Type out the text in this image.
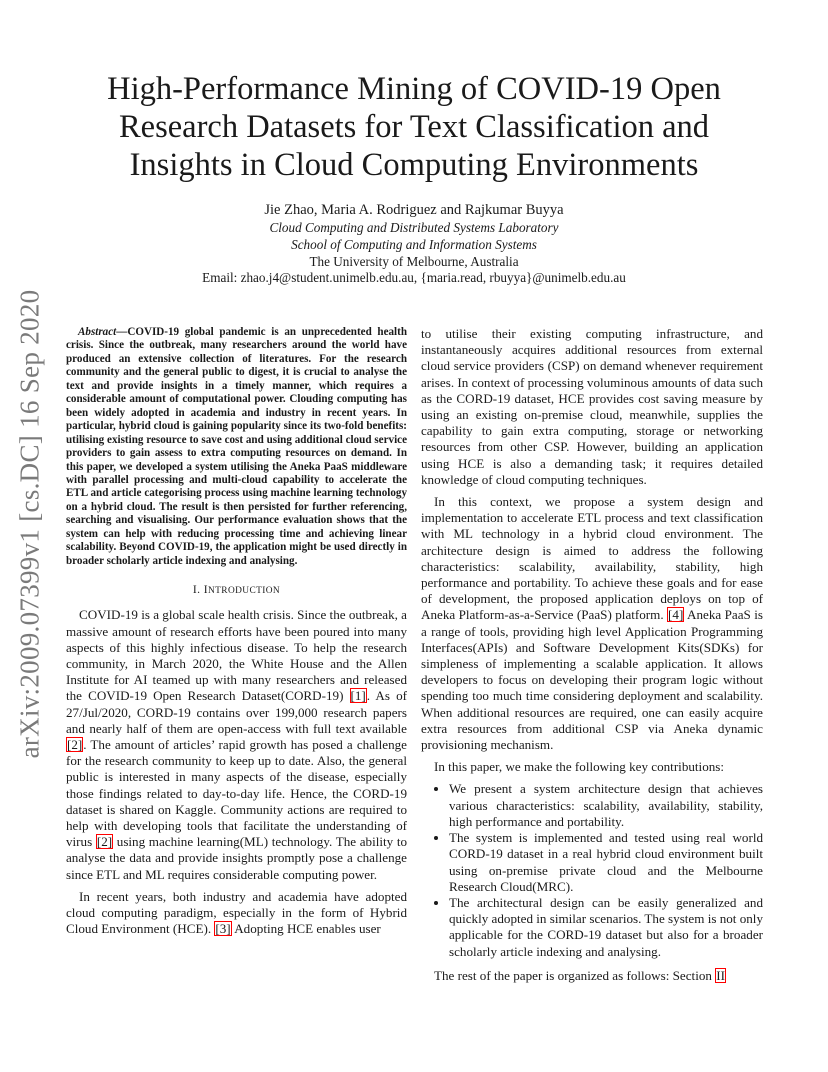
arXiv:2009.07399v1 [cs.DC] 16 Sep 2020
High-Performance Mining of COVID-19 Open
Research Datasets for Text Classification and
Insights in Cloud Computing Environments
Jie Zhao, Maria A. Rodriguez and Rajkumar Buyya
Cloud Computing and Distributed Systems Laboratory
School of Computing and Information Systems
The University of Melbourne, Australia
Email: zhao.j4@student.unimelb.edu.au, {maria.read, rbuyya}@unimelb.edu.au

Abstract—COVID-19 global pandemic is an unprecedented health crisis. Since the outbreak, many researchers around the world have produced an extensive collection of literatures. For the research community and the general public to digest, it is crucial to analyse the text and provide insights in a timely manner, which requires a considerable amount of computational power. Clouding computing has been widely adopted in academia and industry in recent years. In particular, hybrid cloud is gaining popularity since its two-fold benefits: utilising existing resource to save cost and using additional cloud service providers to gain assess to extra computing resources on demand. In this paper, we developed a system utilising the Aneka PaaS middleware with parallel processing and multi-cloud capability to accelerate the ETL and article categorising process using machine learning technology on a hybrid cloud. The result is then persisted for further referencing, searching and visualising. Our performance evaluation shows that the system can help with reducing processing time and achieving linear scalability. Beyond COVID-19, the application might be used directly in broader scholarly article indexing and analysing.

I. INTRODUCTION

COVID-19 is a global scale health crisis. Since the outbreak, a massive amount of research efforts have been poured into many aspects of this highly infectious disease. To help the research community, in March 2020, the White House and the Allen Institute for AI teamed up with many researchers and released the COVID-19 Open Research Dataset(CORD-19) [1]. As of 27/Jul/2020, CORD-19 contains over 199,000 research papers and nearly half of them are open-access with full text available [2]. The amount of articles’ rapid growth has posed a challenge for the research community to keep up to date. Also, the general public is interested in many aspects of the disease, especially those findings related to day-to-day life. Hence, the CORD-19 dataset is shared on Kaggle. Community actions are required to help with developing tools that facilitate the understanding of virus [2] using machine learning(ML) technology. The ability to analyse the data and provide insights promptly pose a challenge since ETL and ML requires considerable computing power.

In recent years, both industry and academia have adopted cloud computing paradigm, especially in the form of Hybrid Cloud Environment (HCE). [3] Adopting HCE enables user

to utilise their existing computing infrastructure, and instantaneously acquires additional resources from external cloud service providers (CSP) on demand whenever requirement arises. In context of processing voluminous amounts of data such as the CORD-19 dataset, HCE provides cost saving measure by using an existing on-premise cloud, meanwhile, supplies the capability to gain extra computing, storage or networking resources from other CSP. However, building an application using HCE is also a demanding task; it requires detailed knowledge of cloud computing techniques.

In this context, we propose a system design and implementation to accelerate ETL process and text classification with ML technology in a hybrid cloud environment. The architecture design is aimed to address the following characteristics: scalability, availability, stability, high performance and portability. To achieve these goals and for ease of development, the proposed application deploys on top of Aneka Platform-as-a-Service (PaaS) platform. [4] Aneka PaaS is a range of tools, providing high level Application Programming Interfaces(APIs) and Software Development Kits(SDKs) for simpleness of implementing a scalable application. It allows developers to focus on developing their program logic without spending too much time considering deployment and scalability. When additional resources are required, one can easily acquire extra resources from additional CSP via Aneka dynamic provisioning mechanism.

In this paper, we make the following key contributions:

• We present a system architecture design that achieves various characteristics: scalability, availability, stability, high performance and portability.
• The system is implemented and tested using real world CORD-19 dataset in a real hybrid cloud environment built using on-premise private cloud and the Melbourne Research Cloud(MRC).
• The architectural design can be easily generalized and quickly adopted in similar scenarios. The system is not only applicable for the CORD-19 dataset but also for a broader scholarly article indexing and analysing.

The rest of the paper is organized as follows: Section II
